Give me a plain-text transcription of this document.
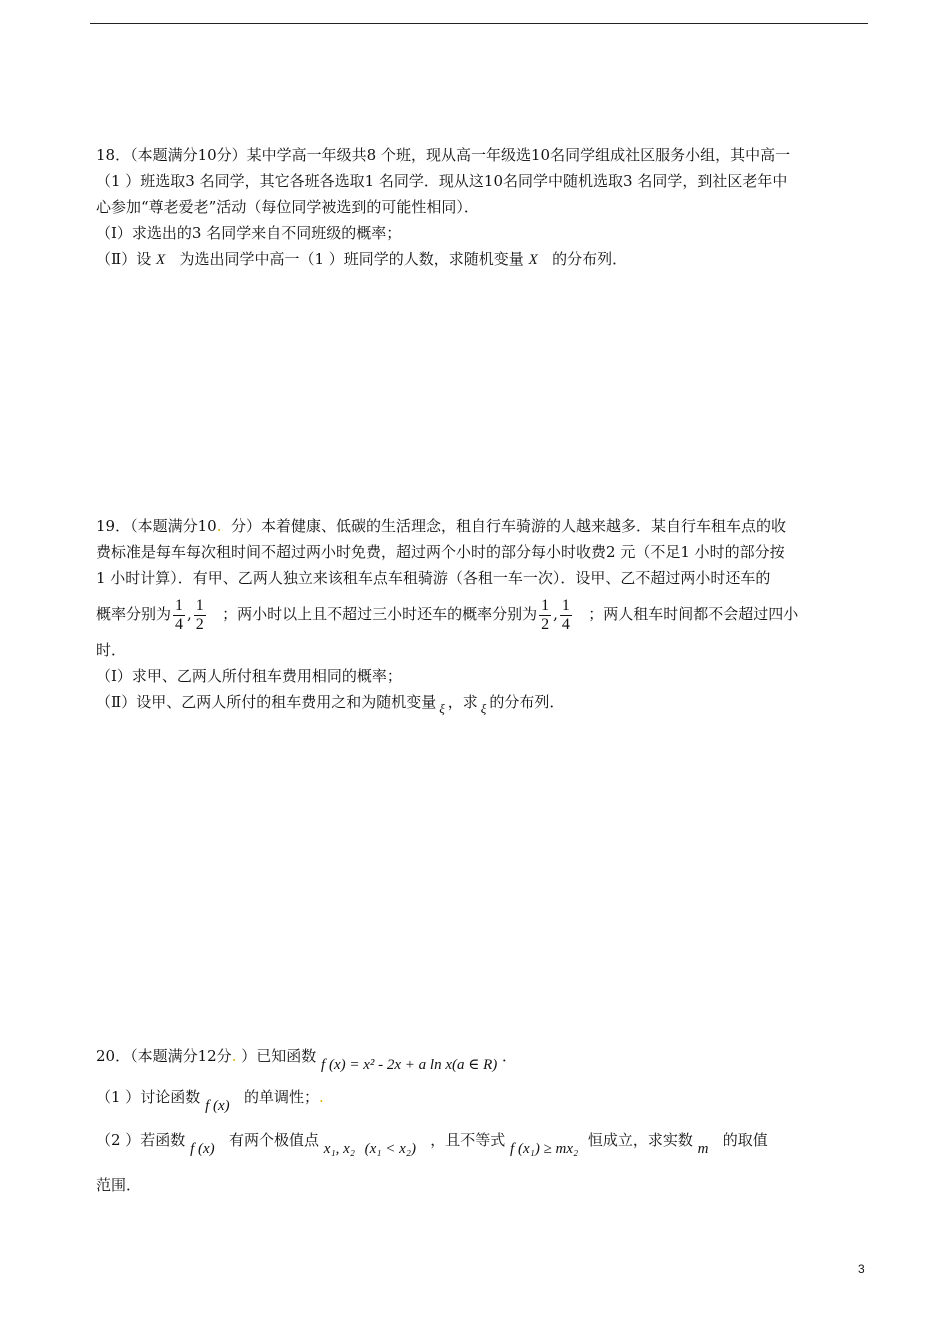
18．（本题满分10分）某中学高一年级共8 个班，现从高一年级选10名同学组成社区服务小组，其中高一

（1 ）班选取3 名同学，其它各班各选取1 名同学．现从这10名同学中随机选取3 名同学，到社区老年中

心参加“尊老爱老”活动（每位同学被选到的可能性相同）．

（Ⅰ）求选出的3 名同学来自不同班级的概率；

（Ⅱ）设 X 为选出同学中高一（1 ）班同学的人数，求随机变量 X 的分布列．

19．（本题满分10. 分）本着健康、低碳的生活理念，租自行车骑游的人越来越多．某自行车租车点的收

费标准是每车每次租时间不超过两小时免费，超过两个小时的部分每小时收费2 元（不足1 小时的部分按

1 小时计算）．有甲、乙两人独立来该租车点车租骑游（各租一车一次）．设甲、乙不超过两小时还车的

概率分别为 $\frac{1}{4}$ , $\frac{1}{2}$ ；两小时以上且不超过三小时还车的概率分别为 $\frac{1}{2}$ , $\frac{1}{4}$ ；两人租车时间都不会超过四小

时．

（Ⅰ）求甲、乙两人所付租车费用相同的概率；

（Ⅱ）设甲、乙两人所付的租车费用之和为随机变量 ξ ，求 ξ 的分布列．

20．（本题满分12分. ）已知函数 f (x) = x² - 2x + a ln x(a ∈ R) ．

（1 ）讨论函数 f (x) 的单调性；.

（2 ）若函数 f (x) 有两个极值点 x₁, x₂ (x₁ < x₂) ，且不等式 f (x₁) ≥ mx₂ 恒成立，求实数 m 的取值

范围．

3
